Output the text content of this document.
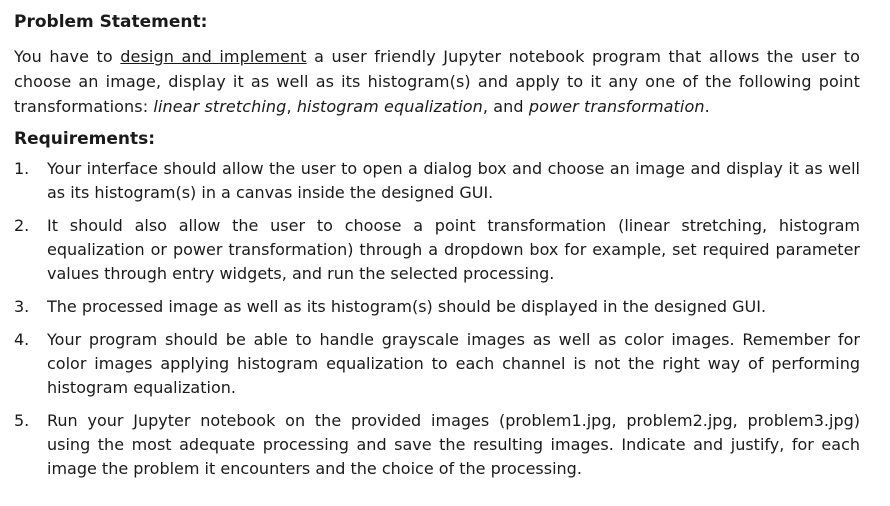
Problem Statement:

You have to design and implement a user friendly Jupyter notebook program that allows the user to choose an image, display it as well as its histogram(s) and apply to it any one of the following point transformations: linear stretching, histogram equalization, and power transformation.

Requirements:
1. Your interface should allow the user to open a dialog box and choose an image and display it as well as its histogram(s) in a canvas inside the designed GUI.
2. It should also allow the user to choose a point transformation (linear stretching, histogram equalization or power transformation) through a dropdown box for example, set required parameter values through entry widgets, and run the selected processing.
3. The processed image as well as its histogram(s) should be displayed in the designed GUI.
4. Your program should be able to handle grayscale images as well as color images. Remember for color images applying histogram equalization to each channel is not the right way of performing histogram equalization.
5. Run your Jupyter notebook on the provided images (problem1.jpg, problem2.jpg, problem3.jpg) using the most adequate processing and save the resulting images. Indicate and justify, for each image the problem it encounters and the choice of the processing.
